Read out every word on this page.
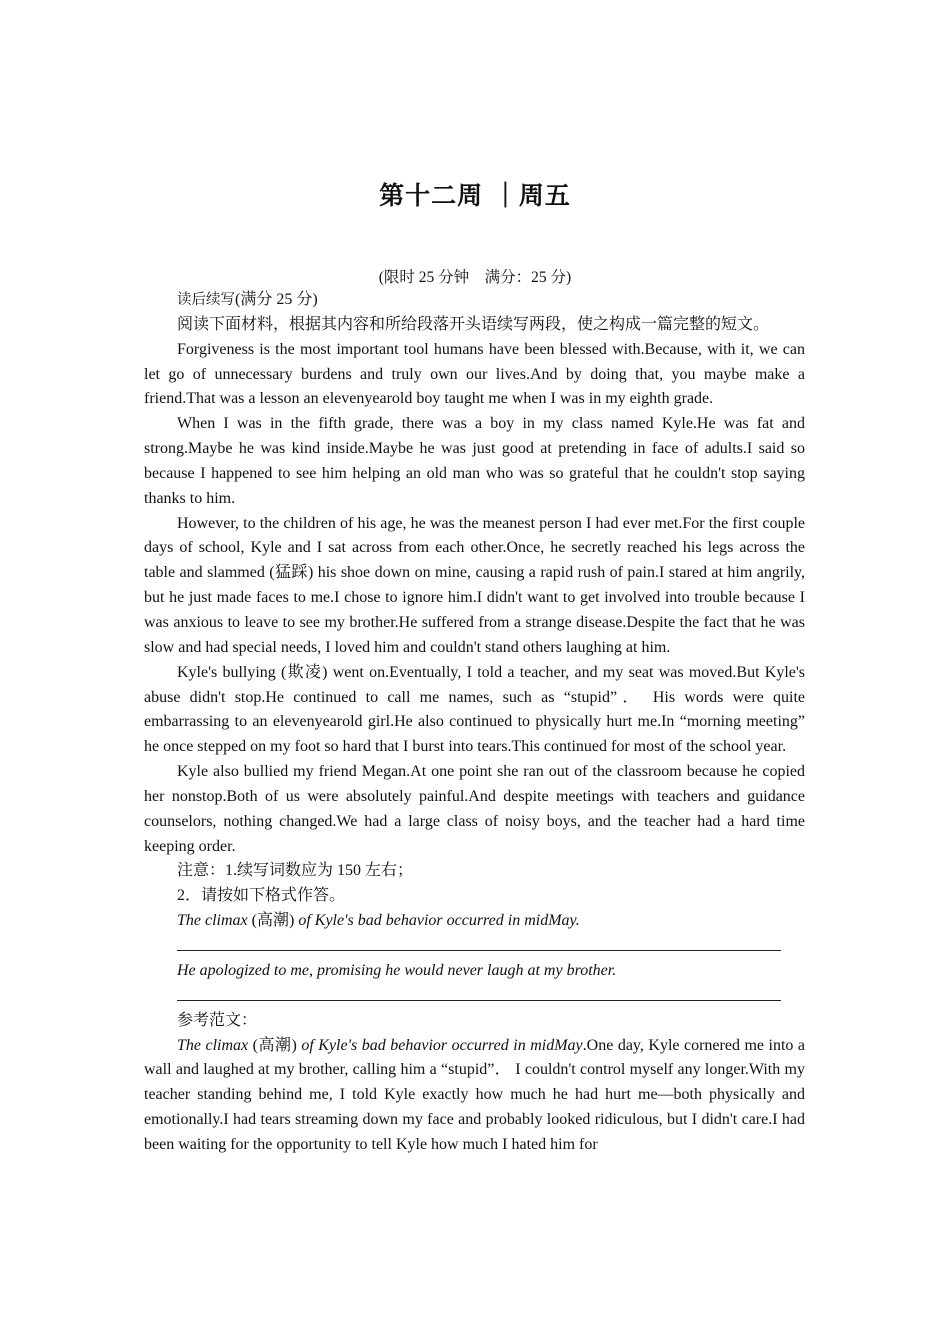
第十二周 ｜周五
(限时 25 分钟　满分：25 分)

读后续写(满分 25 分)

阅读下面材料，根据其内容和所给段落开头语续写两段，使之构成一篇完整的短文。

Forgiveness is the most important tool humans have been blessed with.Because, with it, we can let go of unnecessary burdens and truly own our lives.And by doing that, you maybe make a friend.That was a lesson an elevenyearold boy taught me when I was in my eighth grade.

When I was in the fifth grade, there was a boy in my class named Kyle.He was fat and strong.Maybe he was kind inside.Maybe he was just good at pretending in face of adults.I said so because I happened to see him helping an old man who was so grateful that he couldn't stop saying thanks to him.

However, to the children of his age, he was the meanest person I had ever met.For the first couple days of school, Kyle and I sat across from each other.Once, he secretly reached his legs across the table and slammed (猛踩) his shoe down on mine, causing a rapid rush of pain.I stared at him angrily, but he just made faces to me.I chose to ignore him.I didn't want to get involved into trouble because I was anxious to leave to see my brother.He suffered from a strange disease.Despite the fact that he was slow and had special needs, I loved him and couldn't stand others laughing at him.

Kyle's bullying (欺凌) went on.Eventually, I told a teacher, and my seat was moved.But Kyle's abuse didn't stop.He continued to call me names, such as “stupid”． His words were quite embarrassing to an elevenyearold girl.He also continued to physically hurt me.In “morning meeting” he once stepped on my foot so hard that I burst into tears.This continued for most of the school year.

Kyle also bullied my friend Megan.At one point she ran out of the classroom because he copied her nonstop.Both of us were absolutely painful.And despite meetings with teachers and guidance counselors, nothing changed.We had a large class of noisy boys, and the teacher had a hard time keeping order.

注意：1.续写词数应为 150 左右；

2．请按如下格式作答。

The climax (高潮) of Kyle's bad behavior occurred in midMay.

He apologized to me, promising he would never laugh at my brother.

参考范文：

The climax (高潮) of Kyle's bad behavior occurred in midMay.One day, Kyle cornered me into a wall and laughed at my brother, calling him a “stupid”． I couldn't control myself any longer.With my teacher standing behind me, I told Kyle exactly how much he had hurt me—both physically and emotionally.I had tears streaming down my face and probably looked ridiculous, but I didn't care.I had been waiting for the opportunity to tell Kyle how much I hated him for
